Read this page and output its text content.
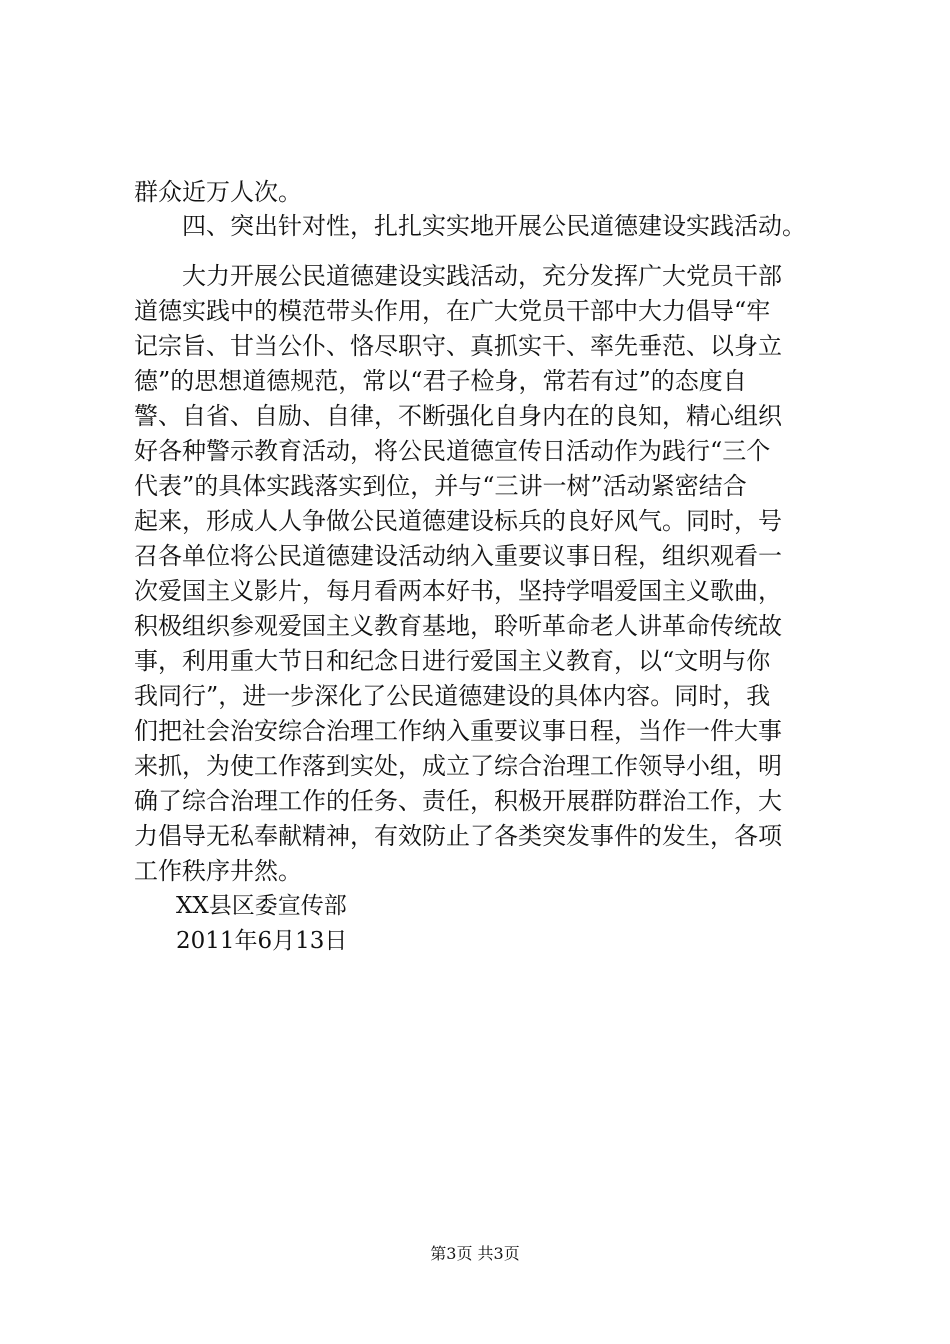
群众近万人次。
四、突出针对性，扎扎实实地开展公民道德建设实践活动。
大力开展公民道德建设实践活动，充分发挥广大党员干部
道德实践中的模范带头作用，在广大党员干部中大力倡导“牢
记宗旨、甘当公仆、恪尽职守、真抓实干、率先垂范、以身立
德”的思想道德规范，常以“君子检身，常若有过”的态度自
警、自省、自励、自律，不断强化自身内在的良知，精心组织
好各种警示教育活动，将公民道德宣传日活动作为践行“三个
代表”的具体实践落实到位，并与“三讲一树”活动紧密结合
起来，形成人人争做公民道德建设标兵的良好风气。同时，号
召各单位将公民道德建设活动纳入重要议事日程，组织观看一
次爱国主义影片，每月看两本好书，坚持学唱爱国主义歌曲，
积极组织参观爱国主义教育基地，聆听革命老人讲革命传统故
事，利用重大节日和纪念日进行爱国主义教育，以“文明与你
我同行”，进一步深化了公民道德建设的具体内容。同时，我
们把社会治安综合治理工作纳入重要议事日程，当作一件大事
来抓，为使工作落到实处，成立了综合治理工作领导小组，明
确了综合治理工作的任务、责任，积极开展群防群治工作，大
力倡导无私奉献精神，有效防止了各类突发事件的发生，各项
工作秩序井然。
XX县区委宣传部
2011年6月13日
第3页 共3页
